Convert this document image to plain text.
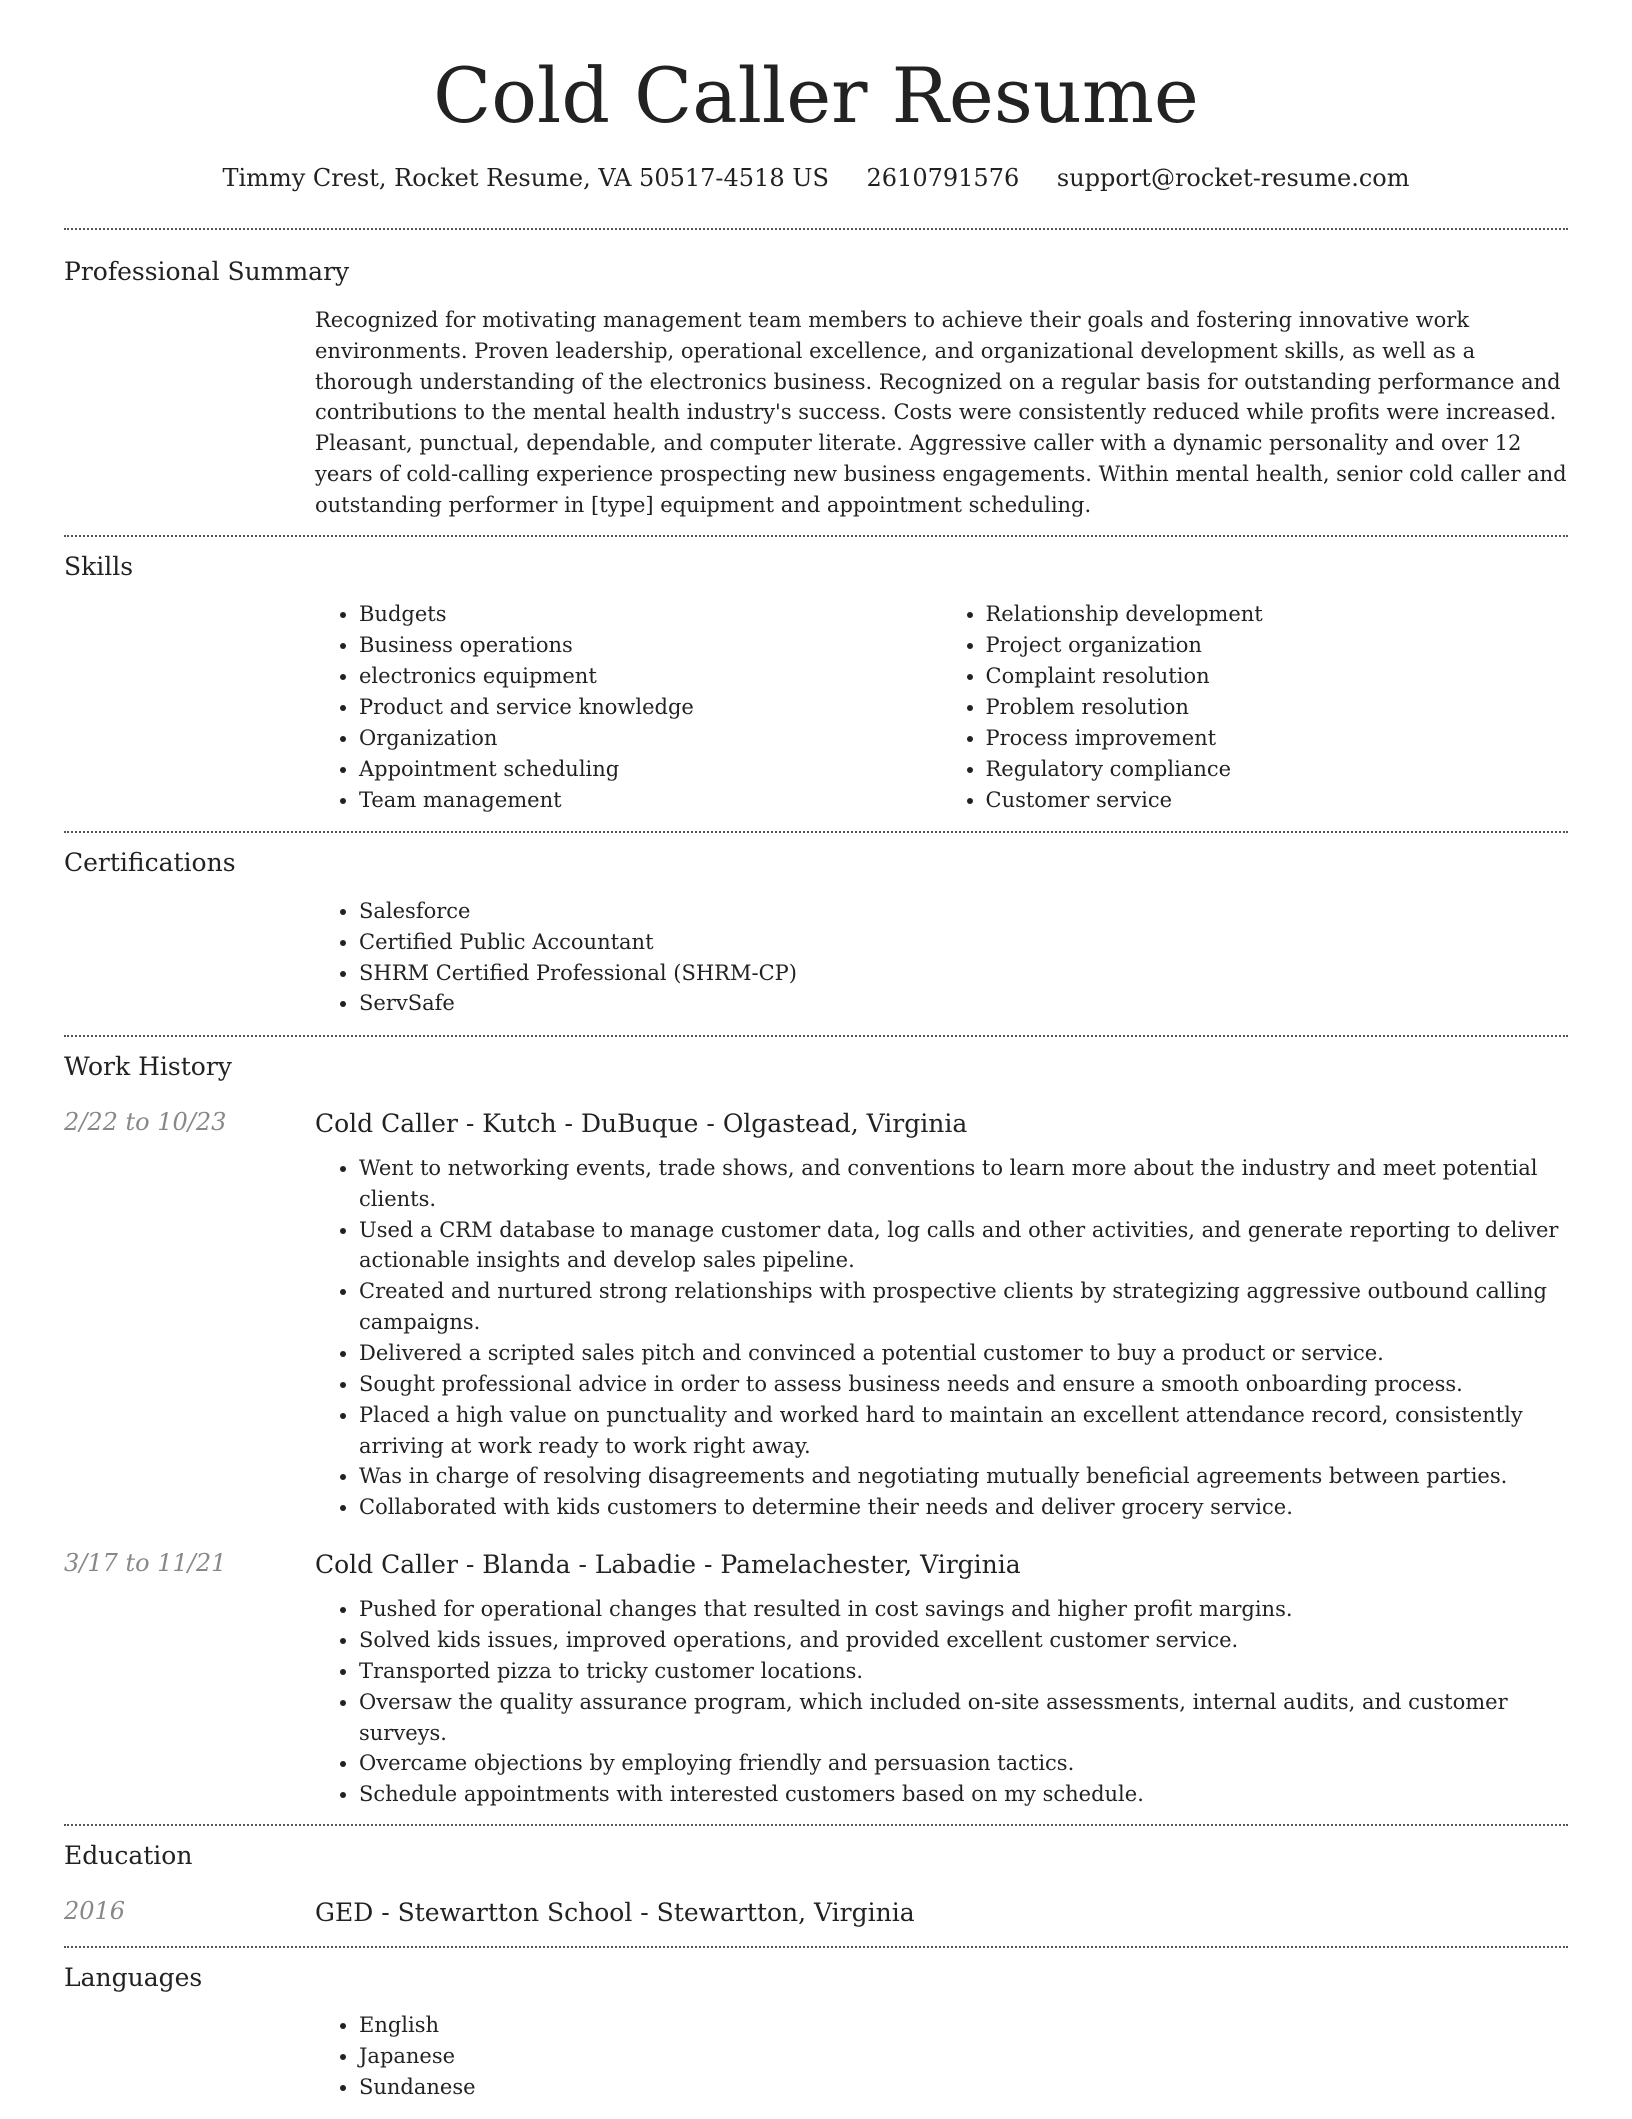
Cold Caller Resume
Timmy Crest, Rocket Resume, VA 50517-4518 US 2610791576 support@rocket-resume.com
Professional Summary
Recognized for motivating management team members to achieve their goals and fostering innovative work environments. Proven leadership, operational excellence, and organizational development skills, as well as a thorough understanding of the electronics business. Recognized on a regular basis for outstanding performance and contributions to the mental health industry's success. Costs were consistently reduced while profits were increased. Pleasant, punctual, dependable, and computer literate. Aggressive caller with a dynamic personality and over 12 years of cold-calling experience prospecting new business engagements. Within mental health, senior cold caller and outstanding performer in [type] equipment and appointment scheduling.
Skills
• Budgets
• Business operations
• electronics equipment
• Product and service knowledge
• Organization
• Appointment scheduling
• Team management
• Relationship development
• Project organization
• Complaint resolution
• Problem resolution
• Process improvement
• Regulatory compliance
• Customer service
Certifications
• Salesforce
• Certified Public Accountant
• SHRM Certified Professional (SHRM-CP)
• ServSafe
Work History
2/22 to 10/23	Cold Caller - Kutch - DuBuque - Olgastead, Virginia
• Went to networking events, trade shows, and conventions to learn more about the industry and meet potential clients.
• Used a CRM database to manage customer data, log calls and other activities, and generate reporting to deliver actionable insights and develop sales pipeline.
• Created and nurtured strong relationships with prospective clients by strategizing aggressive outbound calling campaigns.
• Delivered a scripted sales pitch and convinced a potential customer to buy a product or service.
• Sought professional advice in order to assess business needs and ensure a smooth onboarding process.
• Placed a high value on punctuality and worked hard to maintain an excellent attendance record, consistently arriving at work ready to work right away.
• Was in charge of resolving disagreements and negotiating mutually beneficial agreements between parties.
• Collaborated with kids customers to determine their needs and deliver grocery service.
3/17 to 11/21	Cold Caller - Blanda - Labadie - Pamelachester, Virginia
• Pushed for operational changes that resulted in cost savings and higher profit margins.
• Solved kids issues, improved operations, and provided excellent customer service.
• Transported pizza to tricky customer locations.
• Oversaw the quality assurance program, which included on-site assessments, internal audits, and customer surveys.
• Overcame objections by employing friendly and persuasion tactics.
• Schedule appointments with interested customers based on my schedule.
Education
2016	GED - Stewartton School - Stewartton, Virginia
Languages
• English
• Japanese
• Sundanese
